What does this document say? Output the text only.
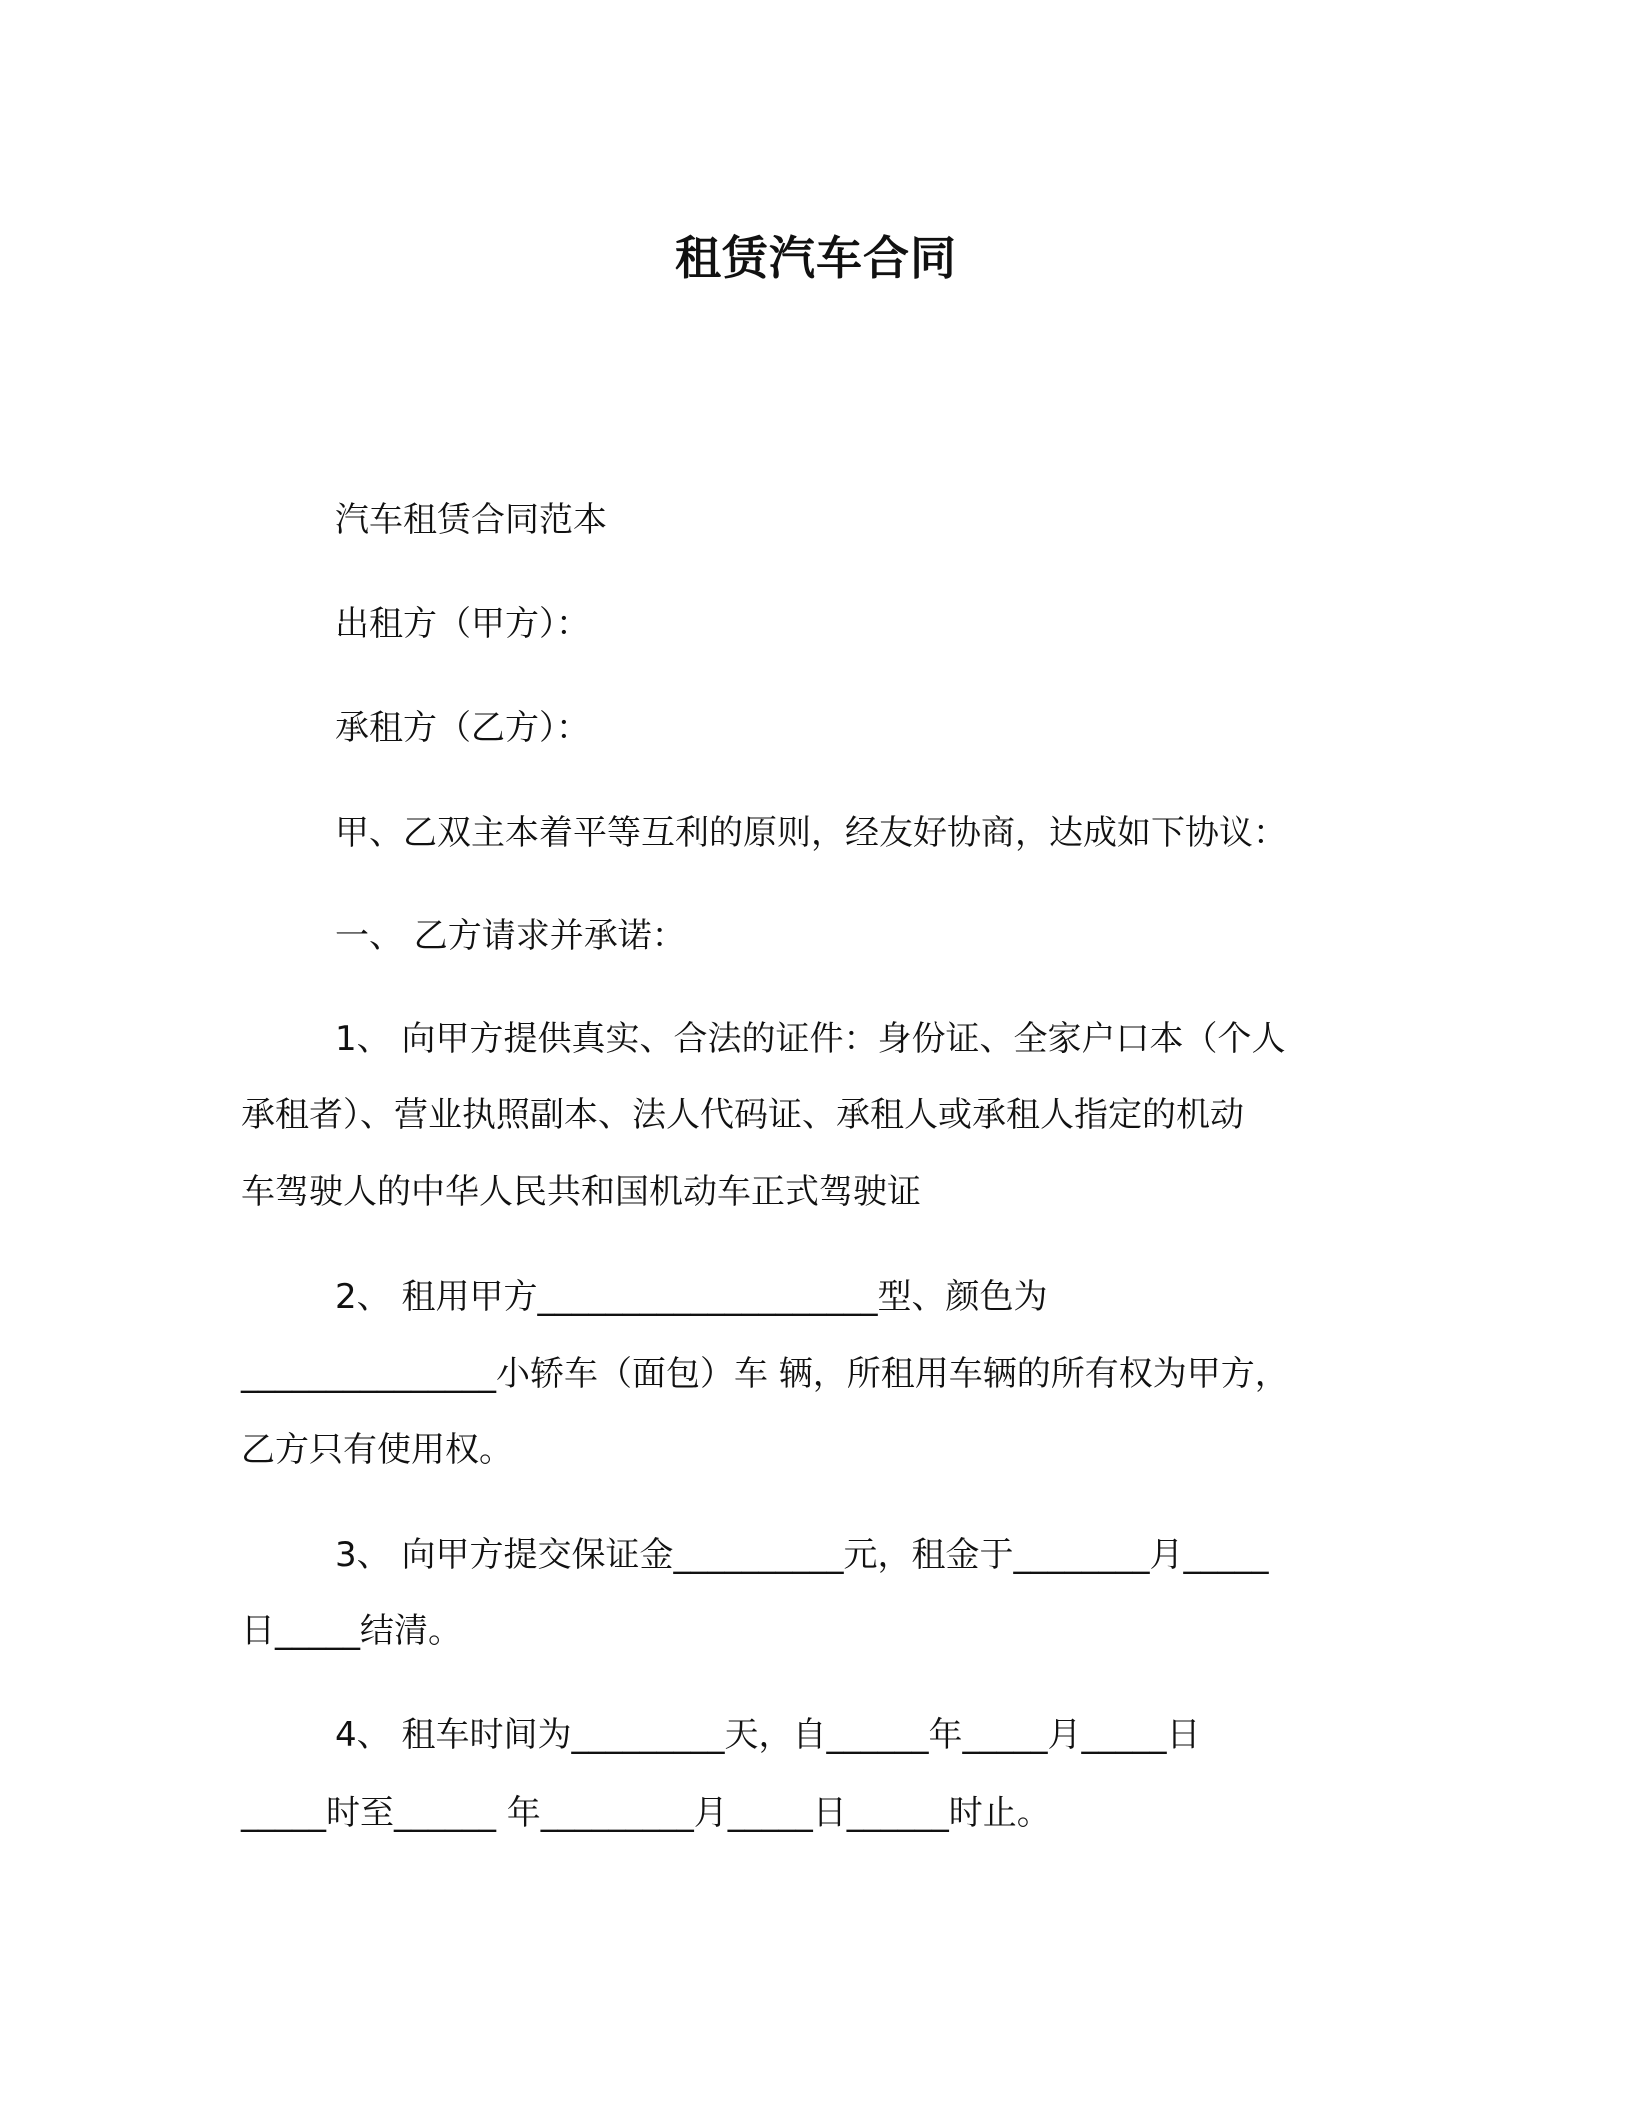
租赁汽车合同
汽车租赁合同范本
出租方（甲方）：
承租方（乙方）：
甲、乙双主本着平等互利的原则，经友好协商，达成如下协议：
一、 乙方请求并承诺：
1、 向甲方提供真实、合法的证件：身份证、全家户口本（个人
承租者）、营业执照副本、法人代码证、承租人或承租人指定的机动
车驾驶人的中华人民共和国机动车正式驾驶证
2、 租用甲方____________________型、颜色为
_______________小轿车（面包）车 辆，所租用车辆的所有权为甲方，
乙方只有使用权。
3、 向甲方提交保证金__________元，租金于________月_____
日_____结清。
4、 租车时间为_________天，自______年_____月_____日
_____时至______ 年_________月_____日______时止。
